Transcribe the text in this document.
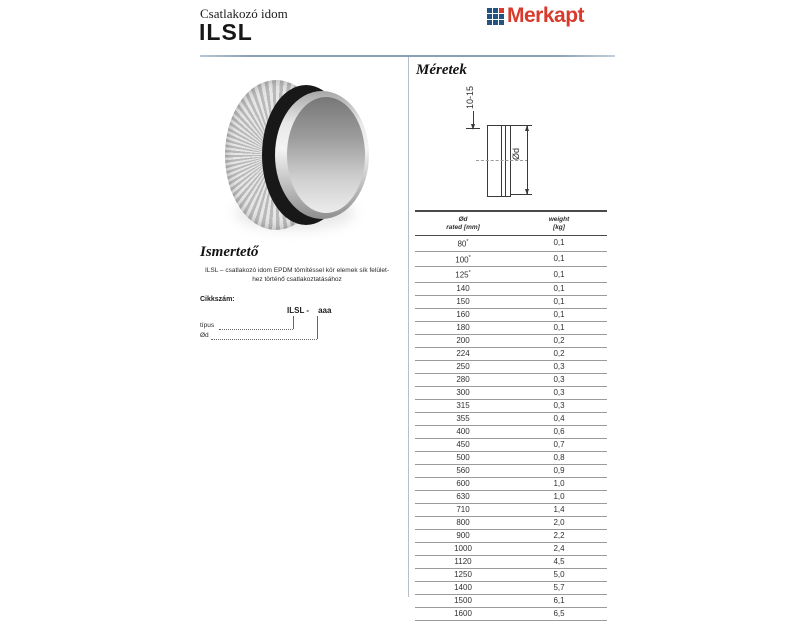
Csatlakozó idom
ILSL
Merkapt
Ismertető
ILSL – csatlakozó idom EPDM tömítéssel kör elemek sík felület-
hez történő csatlakoztatásához
Cikkszám:
ILSL - aaa
típus
Ød
Méretek
10-15
Ød
Ød
rated [mm]	weight
[kg]
80*	0,1
100*	0,1
125*	0,1
140	0,1
150	0,1
160	0,1
180	0,1
200	0,2
224	0,2
250	0,3
280	0,3
300	0,3
315	0,3
355	0,4
400	0,6
450	0,7
500	0,8
560	0,9
600	1,0
630	1,0
710	1,4
800	2,0
900	2,2
1000	2,4
1120	4,5
1250	5,0
1400	5,7
1500	6,1
1600	6,5
